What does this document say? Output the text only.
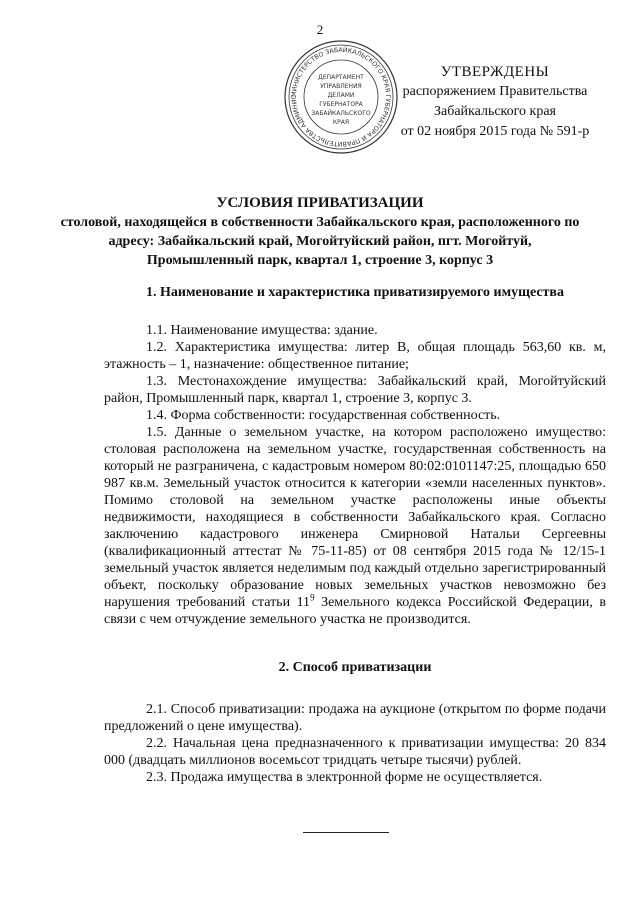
2
МИНИСТЕРСТВО ЗАБАЙКАЛЬСКОГО КРАЯ ГУБЕРНАТОРА И ПРАВИТЕЛЬСТВА АДМИНИС
ДЕПАРТАМЕНТ
УПРАВЛЕНИЯ
ДЕЛАМИ
ГУБЕРНАТОРА
ЗАБАЙКАЛЬСКОГО
КРАЯ
УТВЕРЖДЕНЫ
распоряжением Правительства
Забайкальского края
от 02 ноября 2015 года № 591-р
УСЛОВИЯ ПРИВАТИЗАЦИИ
столовой, находящейся в собственности Забайкальского края, расположенного по адресу: Забайкальский край, Могойтуйский район, пгт. Могойтуй, Промышленный парк, квартал 1, строение 3, корпус 3

1. Наименование и характеристика приватизируемого имущества

1.1. Наименование имущества: здание.

1.2. Характеристика имущества: литер В, общая площадь 563,60 кв. м, этажность – 1, назначение: общественное питание;

1.3. Местонахождение имущества: Забайкальский край, Могойтуйский район, Промышленный парк, квартал 1, строение 3, корпус 3.

1.4. Форма собственности: государственная собственность.

1.5. Данные о земельном участке, на котором расположено имущество: столовая расположена на земельном участке, государственная собственность на который не разграничена, с кадастровым номером 80:02:0101147:25, площадью 650 987 кв.м. Земельный участок относится к категории «земли населенных пунктов». Помимо столовой на земельном участке расположены иные объекты недвижимости, находящиеся в собственности Забайкальского края. Согласно заключению кадастрового инженера Смирновой Натальи Сергеевны (квалификационный аттестат № 75-11-85) от 08 сентября 2015 года № 12/15-1 земельный участок является неделимым под каждый отдельно зарегистрированный объект, поскольку образование новых земельных участков невозможно без нарушения требований статьи $11^9$ Земельного кодекса Российской Федерации, в связи с чем отчуждение земельного участка не производится.

2. Способ приватизации

2.1. Способ приватизации: продажа на аукционе (открытом по форме подачи предложений о цене имущества).

2.2. Начальная цена предназначенного к приватизации имущества: 20 834 000 (двадцать миллионов восемьсот тридцать четыре тысячи) рублей.

2.3. Продажа имущества в электронной форме не осуществляется.
